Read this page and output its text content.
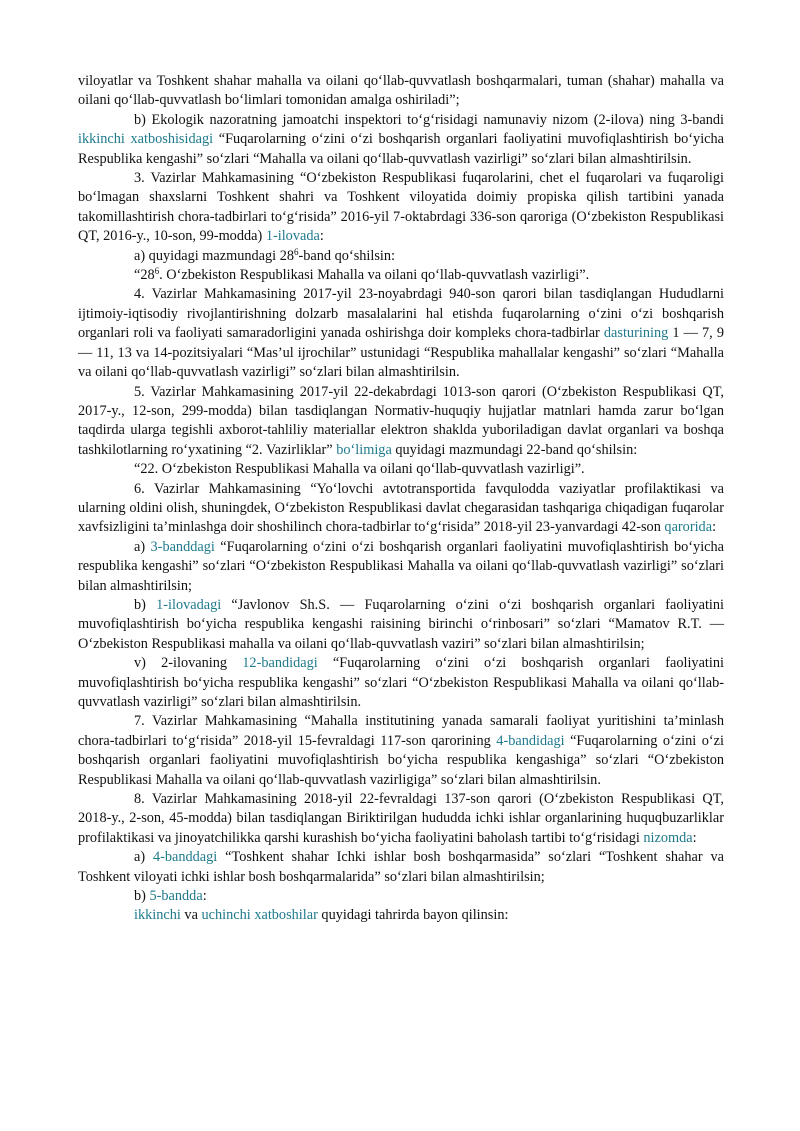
viloyatlar va Toshkent shahar mahalla va oilani qo‘llab-quvvatlash boshqarmalari, tuman (shahar) mahalla va oilani qo‘llab-quvvatlash bo‘limlari tomonidan amalga oshiriladi”;

b) Ekologik nazoratning jamoatchi inspektori to‘g‘risidagi namunaviy nizom (2-ilova) ning 3-bandi ikkinchi xatboshisidagi “Fuqarolarning o‘zini o‘zi boshqarish organlari faoliyatini muvofiqlashtirish bo‘yicha Respublika kengashi” so‘zlari “Mahalla va oilani qo‘llab-quvvatlash vazirligi” so‘zlari bilan almashtirilsin.

3. Vazirlar Mahkamasining “O‘zbekiston Respublikasi fuqarolarini, chet el fuqarolari va fuqaroligi bo‘lmagan shaxslarni Toshkent shahri va Toshkent viloyatida doimiy propiska qilish tartibini yanada takomillashtirish chora-tadbirlari to‘g‘risida” 2016-yil 7-oktabrdagi 336-son qaroriga (O‘zbekiston Respublikasi QT, 2016-y., 10-son, 99-modda) 1-ilovada:

a) quyidagi mazmundagi $28^6$-band qo‘shilsin:

“$28^6$. O‘zbekiston Respublikasi Mahalla va oilani qo‘llab-quvvatlash vazirligi”.

4. Vazirlar Mahkamasining 2017-yil 23-noyabrdagi 940-son qarori bilan tasdiqlangan Hududlarni ijtimoiy-iqtisodiy rivojlantirishning dolzarb masalalarini hal etishda fuqarolarning o‘zini o‘zi boshqarish organlari roli va faoliyati samaradorligini yanada oshirishga doir kompleks chora-tadbirlar dasturining 1 — 7, 9 — 11, 13 va 14-pozitsiyalari “Mas’ul ijrochilar” ustunidagi “Respublika mahallalar kengashi” so‘zlari “Mahalla va oilani qo‘llab-quvvatlash vazirligi” so‘zlari bilan almashtirilsin.

5. Vazirlar Mahkamasining 2017-yil 22-dekabrdagi 1013-son qarori (O‘zbekiston Respublikasi QT, 2017-y., 12-son, 299-modda) bilan tasdiqlangan Normativ-huquqiy hujjatlar matnlari hamda zarur bo‘lgan taqdirda ularga tegishli axborot-tahliliy materiallar elektron shaklda yuboriladigan davlat organlari va boshqa tashkilotlarning ro‘yxatining “2. Vazirliklar” bo‘limiga quyidagi mazmundagi 22-band qo‘shilsin:

“22. O‘zbekiston Respublikasi Mahalla va oilani qo‘llab-quvvatlash vazirligi”.

6. Vazirlar Mahkamasining “Yo‘lovchi avtotransportida favqulodda vaziyatlar profilaktikasi va ularning oldini olish, shuningdek, O‘zbekiston Respublikasi davlat chegarasidan tashqariga chiqadigan fuqarolar xavfsizligini ta’minlashga doir shoshilinch chora-tadbirlar to‘g‘risida” 2018-yil 23-yanvardagi 42-son qarorida:

a) 3-banddagi “Fuqarolarning o‘zini o‘zi boshqarish organlari faoliyatini muvofiqlashtirish bo‘yicha respublika kengashi” so‘zlari “O‘zbekiston Respublikasi Mahalla va oilani qo‘llab-quvvatlash vazirligi” so‘zlari bilan almashtirilsin;

b) 1-ilovadagi “Javlonov Sh.S. — Fuqarolarning o‘zini o‘zi boshqarish organlari faoliyatini muvofiqlashtirish bo‘yicha respublika kengashi raisining birinchi o‘rinbosari” so‘zlari “Mamatov R.T. — O‘zbekiston Respublikasi mahalla va oilani qo‘llab-quvvatlash vaziri” so‘zlari bilan almashtirilsin;

v) 2-ilovaning 12-bandidagi “Fuqarolarning o‘zini o‘zi boshqarish organlari faoliyatini muvofiqlashtirish bo‘yicha respublika kengashi” so‘zlari “O‘zbekiston Respublikasi Mahalla va oilani qo‘llab-quvvatlash vazirligi” so‘zlari bilan almashtirilsin.

7. Vazirlar Mahkamasining “Mahalla institutining yanada samarali faoliyat yuritishini ta’minlash chora-tadbirlari to‘g‘risida” 2018-yil 15-fevraldagi 117-son qarorining 4-bandidagi “Fuqarolarning o‘zini o‘zi boshqarish organlari faoliyatini muvofiqlashtirish bo‘yicha respublika kengashiga” so‘zlari “O‘zbekiston Respublikasi Mahalla va oilani qo‘llab-quvvatlash vazirligiga” so‘zlari bilan almashtirilsin.

8. Vazirlar Mahkamasining 2018-yil 22-fevraldagi 137-son qarori (O‘zbekiston Respublikasi QT, 2018-y., 2-son, 45-modda) bilan tasdiqlangan Biriktirilgan hududda ichki ishlar organlarining huquqbuzarliklar profilaktikasi va jinoyatchilikka qarshi kurashish bo‘yicha faoliyatini baholash tartibi to‘g‘risidagi nizomda:

a) 4-banddagi “Toshkent shahar Ichki ishlar bosh boshqarmasida” so‘zlari “Toshkent shahar va Toshkent viloyati ichki ishlar bosh boshqarmalarida” so‘zlari bilan almashtirilsin;

b) 5-bandda:

ikkinchi va uchinchi xatboshilar quyidagi tahrirda bayon qilinsin:
